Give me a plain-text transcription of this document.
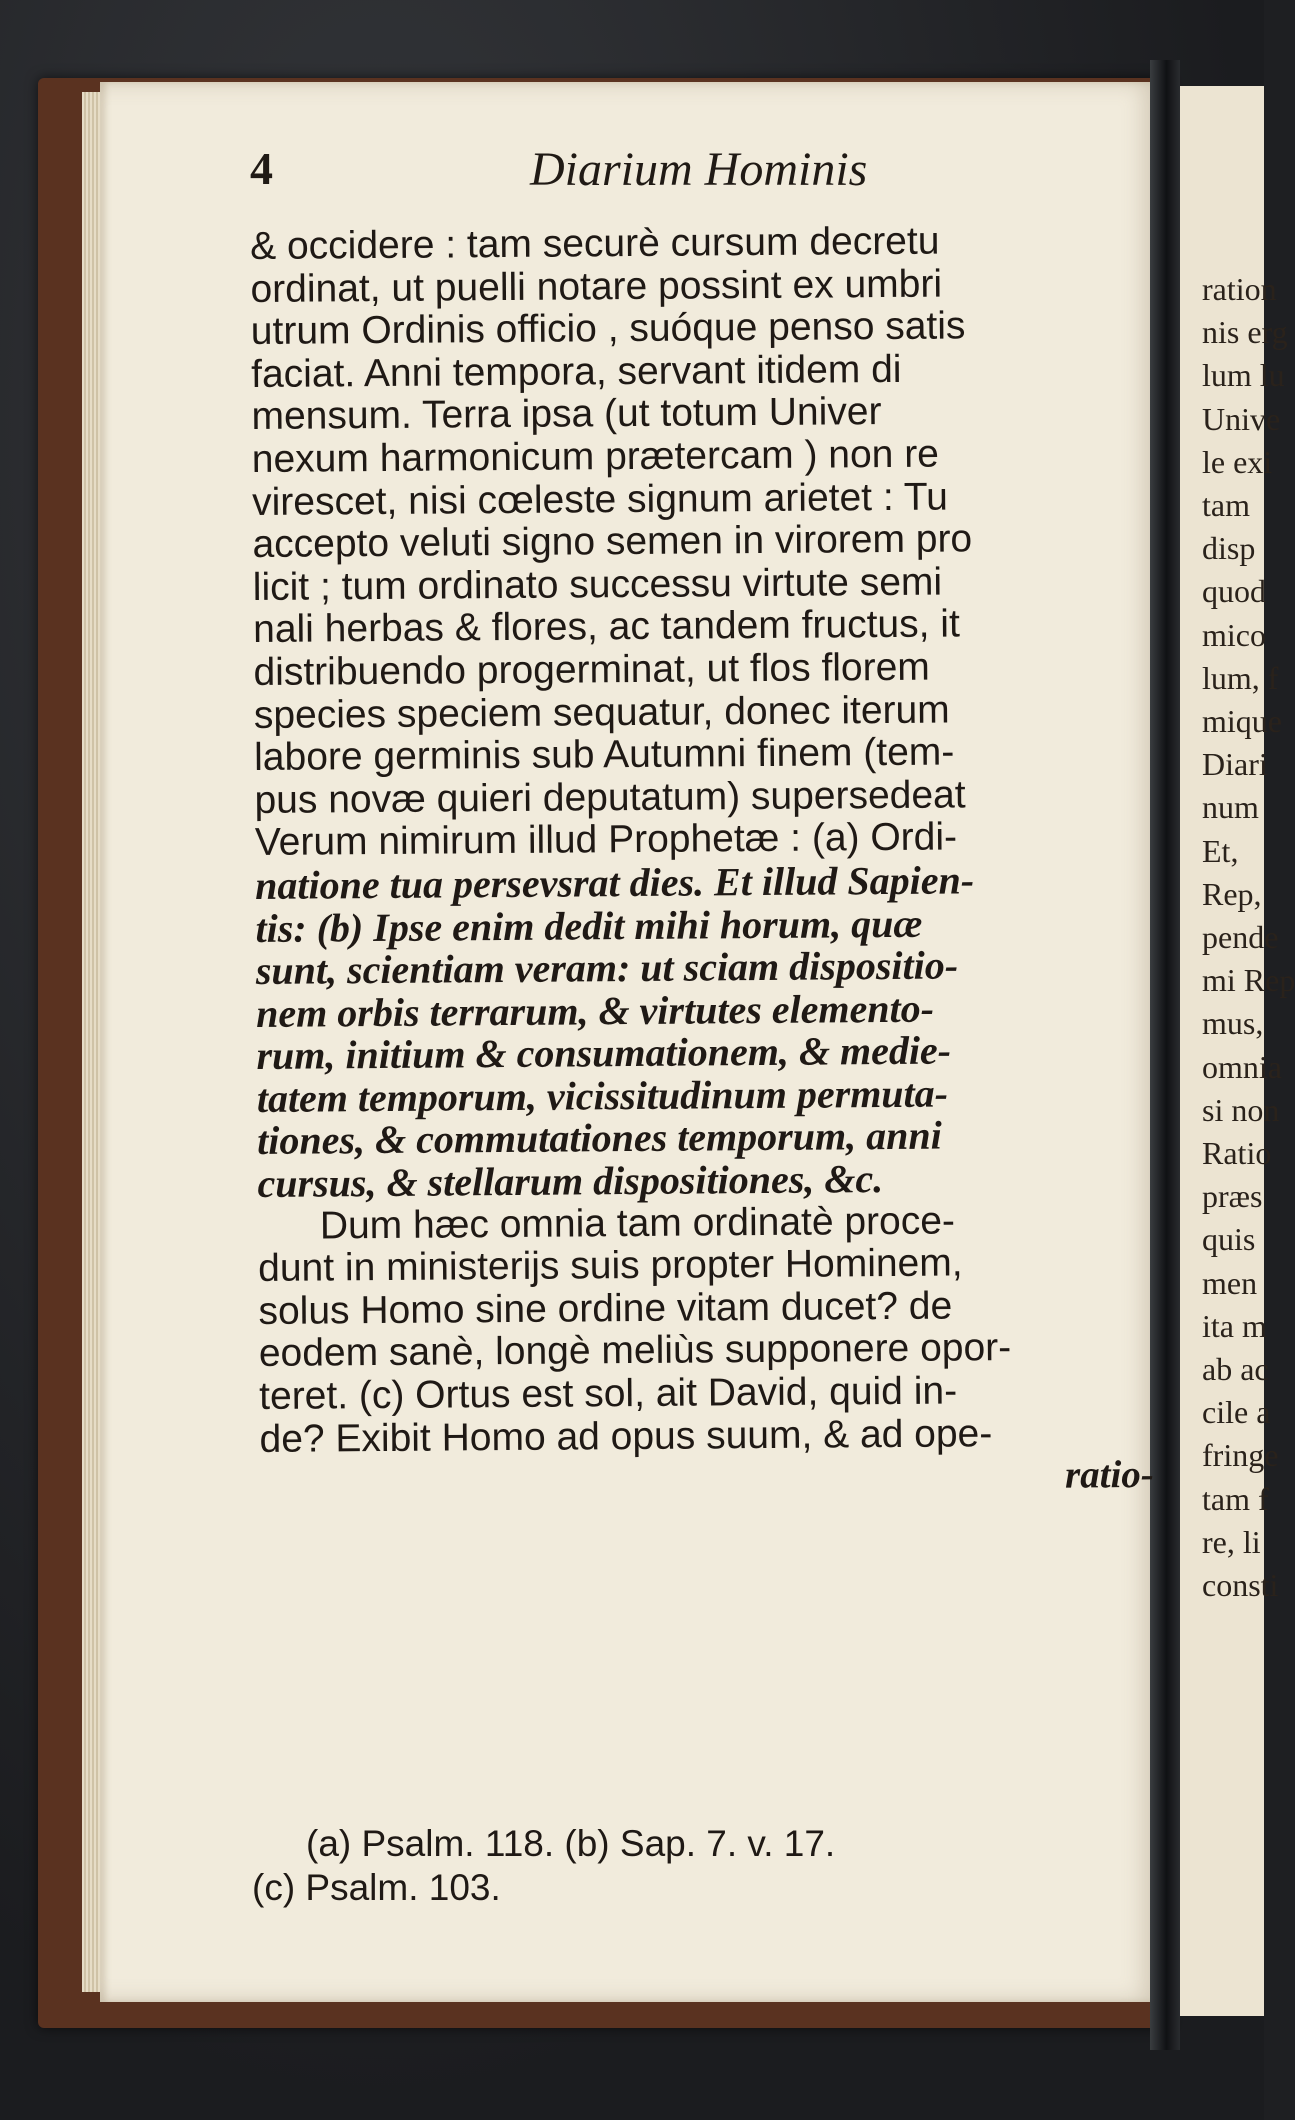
ration
nis erg
lum lu
Unive
le exi
tam
disp
quod
mico
lum, f
mique
Diari
num
Et,
Rep,
pende
mi Rep
mus,
omnia
si non
Ratio
præs
quis
men
ita m
ab ac
cile a
fringe
tam f
re, li
consti
4	Diarium Hominis
& occidere : tam securè cursum decretu
ordinat, ut puelli notare possint ex umbri
utrum Ordinis officio , suóque penso satis
faciat. Anni tempora, servant itidem di
mensum. Terra ipsa (ut totum Univer
nexum harmonicum prætercam ) non re
virescet, nisi cœleste signum arietet : Tu
accepto veluti signo semen in virorem pro
licit ; tum ordinato successu virtute semi
nali herbas & flores, ac tandem fructus, it
distribuendo progerminat, ut flos florem
species speciem sequatur, donec iterum
labore germinis sub Autumni finem (tem-
pus novæ quieri deputatum) supersedeat
Verum nimirum illud Prophetæ : (a) Ordi-
natione tua persevsrat dies. Et illud Sapien-
tis: (b) Ipse enim dedit mihi horum, quæ
sunt, scientiam veram: ut sciam dispositio-
nem orbis terrarum, & virtutes elemento-
rum, initium & consumationem, & medie-
tatem temporum, vicissitudinum permuta-
tiones, & commutationes temporum, anni
cursus, & stellarum dispositiones, &c.
Dum hæc omnia tam ordinatè proce-
dunt in ministerijs suis propter Hominem,
solus Homo sine ordine vitam ducet? de
eodem sanè, longè meliùs supponere opor-
teret. (c) Ortus est sol, ait David, quid in-
de? Exibit Homo ad opus suum, & ad ope-
ratio-
(a) Psalm. 118. (b) Sap. 7. v. 17.
(c) Psalm. 103.
